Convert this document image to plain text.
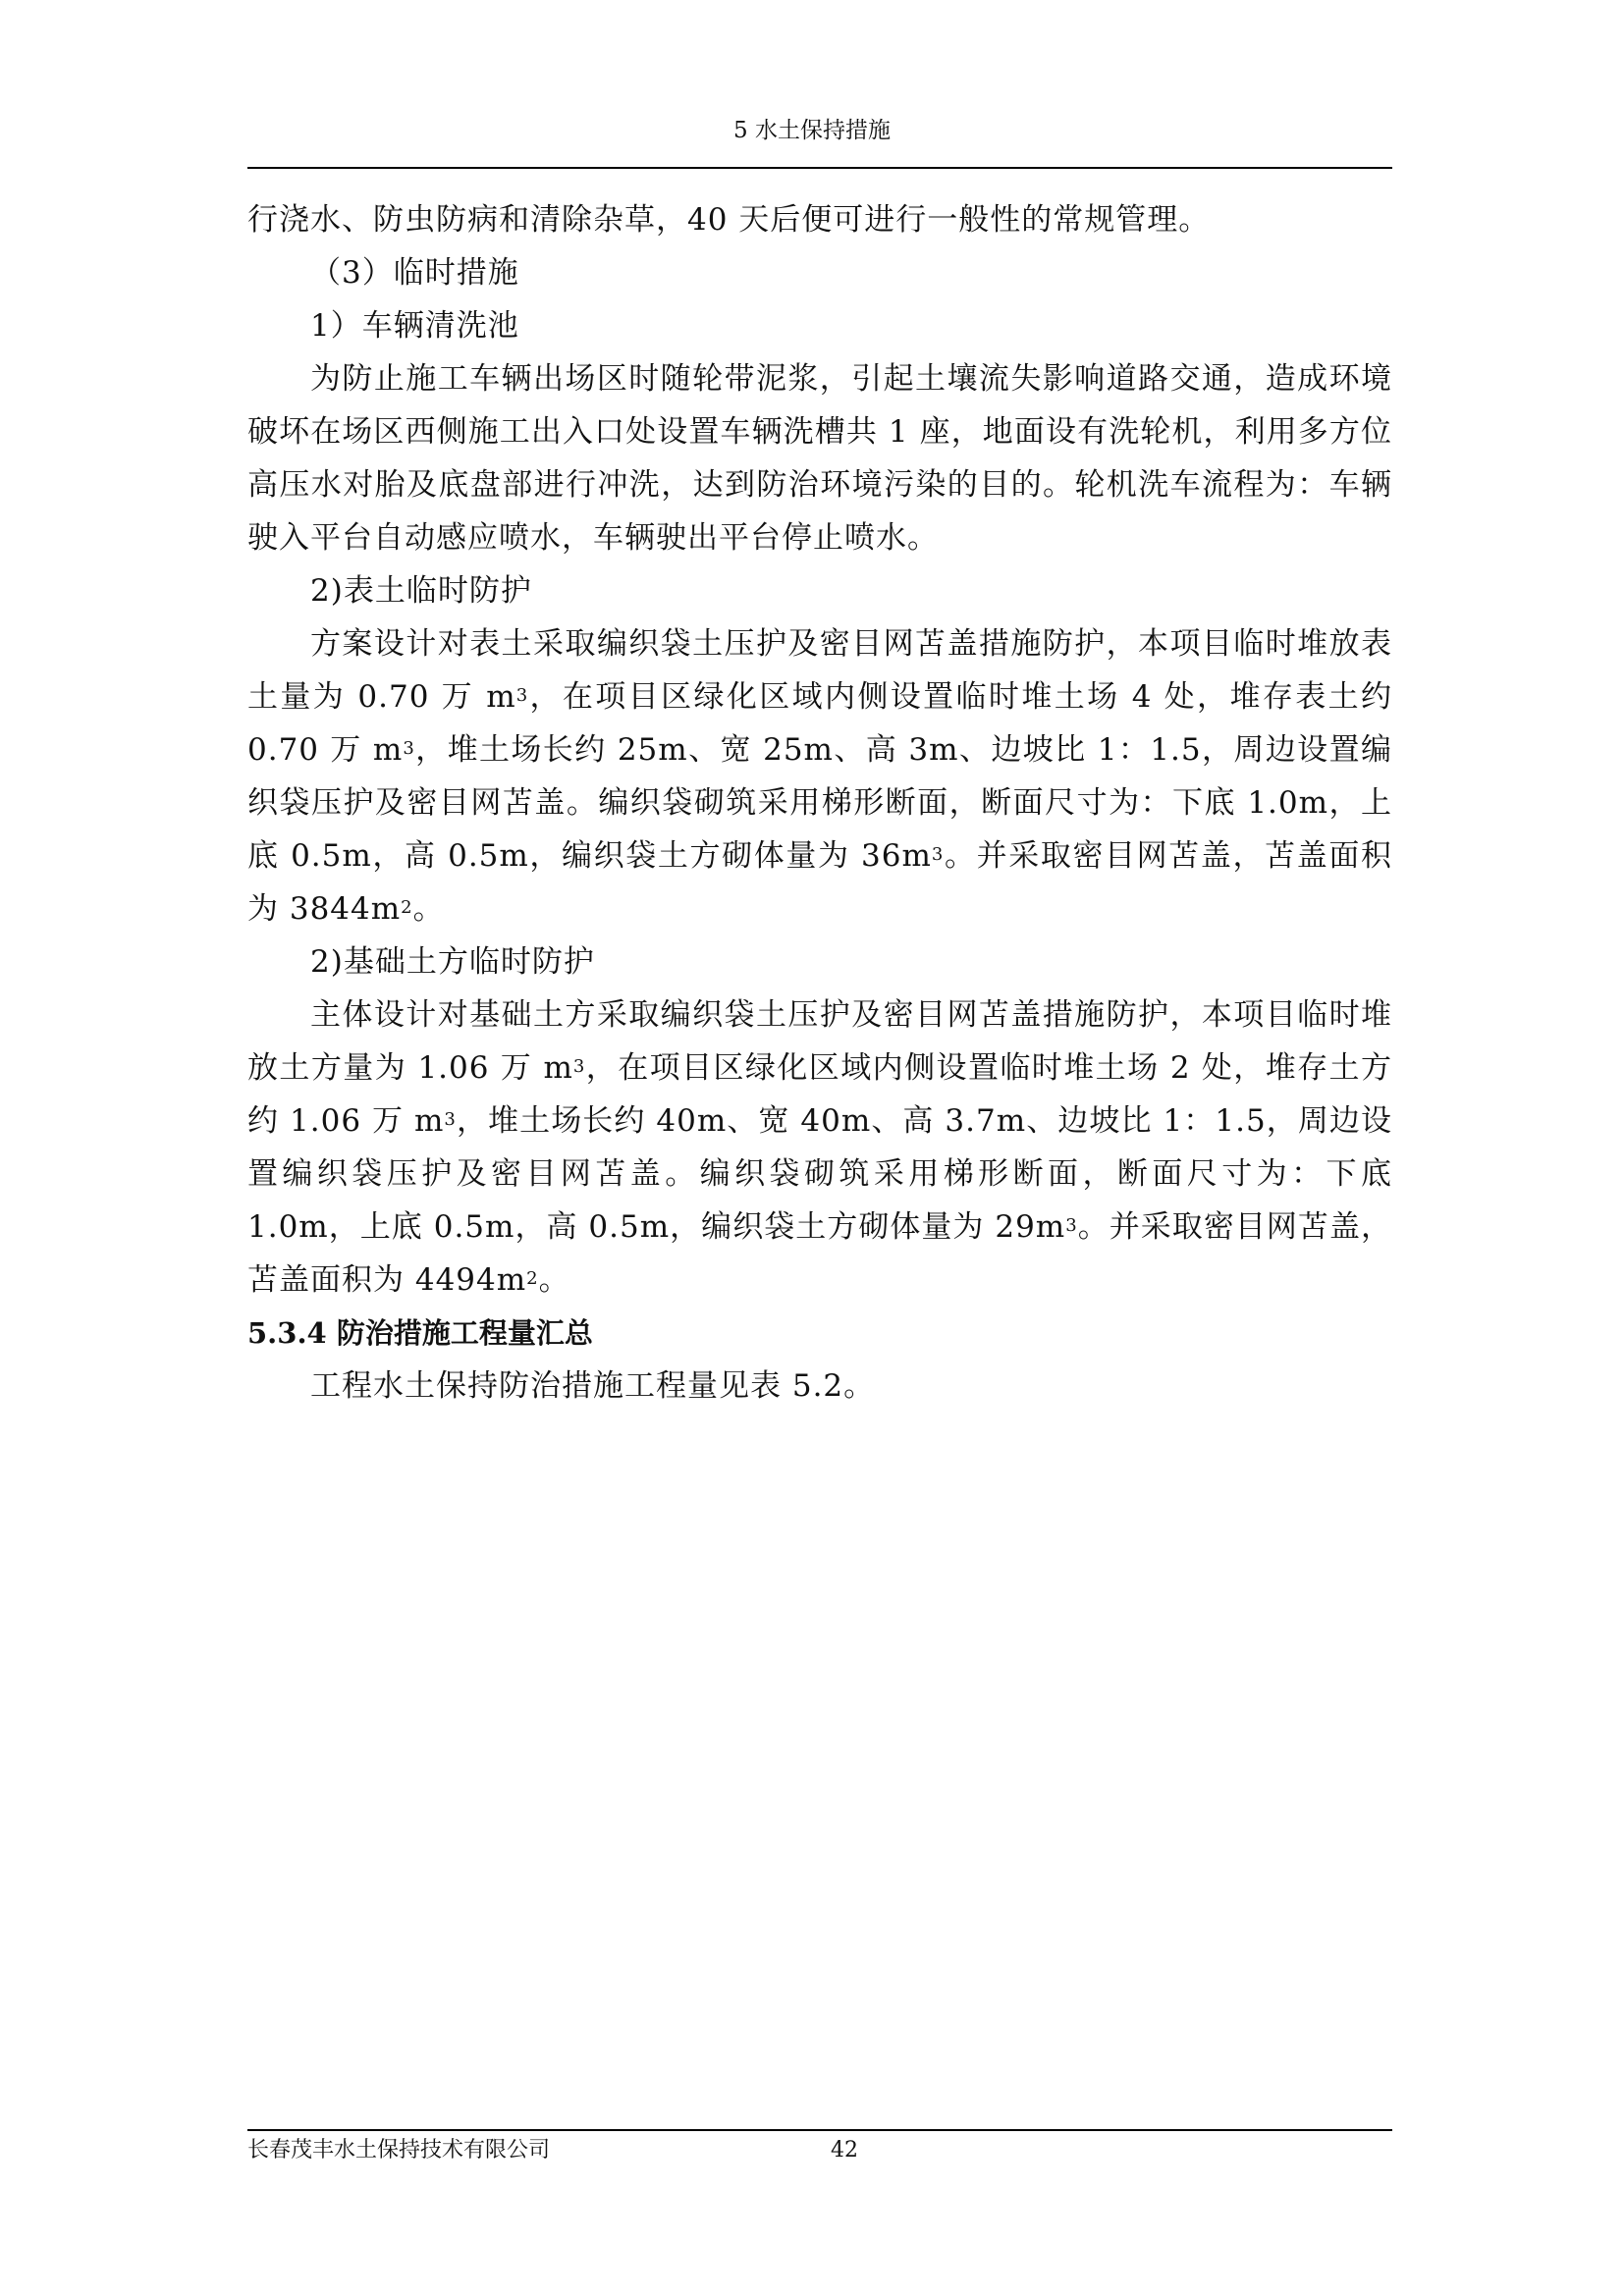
5 水土保持措施

行浇水、防虫防病和清除杂草，40 天后便可进行一般性的常规管理。

（3）临时措施

1）车辆清洗池

为防止施工车辆出场区时随轮带泥浆，引起土壤流失影响道路交通，造成环境破坏在场区西侧施工出入口处设置车辆洗槽共 1 座，地面设有洗轮机，利用多方位高压水对胎及底盘部进行冲洗，达到防治环境污染的目的。轮机洗车流程为：车辆驶入平台自动感应喷水，车辆驶出平台停止喷水。

2)表土临时防护

方案设计对表土采取编织袋土压护及密目网苫盖措施防护，本项目临时堆放表土量为 0.70 万 $m^3$，在项目区绿化区域内侧设置临时堆土场 4 处，堆存表土约 0.70 万 $m^3$，堆土场长约 25m、宽 25m、高 3m、边坡比 1：1.5，周边设置编织袋压护及密目网苫盖。编织袋砌筑采用梯形断面，断面尺寸为：下底 1.0m，上底 0.5m，高 0.5m，编织袋土方砌体量为 $36m^3$。并采取密目网苫盖，苫盖面积为 $3844m^2$。

2)基础土方临时防护

主体设计对基础土方采取编织袋土压护及密目网苫盖措施防护，本项目临时堆放土方量为 1.06 万 $m^3$，在项目区绿化区域内侧设置临时堆土场 2 处，堆存土方约 1.06 万 $m^3$，堆土场长约 40m、宽 40m、高 3.7m、边坡比 1：1.5，周边设置编织袋压护及密目网苫盖。编织袋砌筑采用梯形断面，断面尺寸为：下底 1.0m，上底 0.5m，高 0.5m，编织袋土方砌体量为 $29m^3$。并采取密目网苫盖，苫盖面积为 $4494m^2$。

5.3.4 防治措施工程量汇总

工程水土保持防治措施工程量见表 5.2。

长春茂丰水土保持技术有限公司	42
